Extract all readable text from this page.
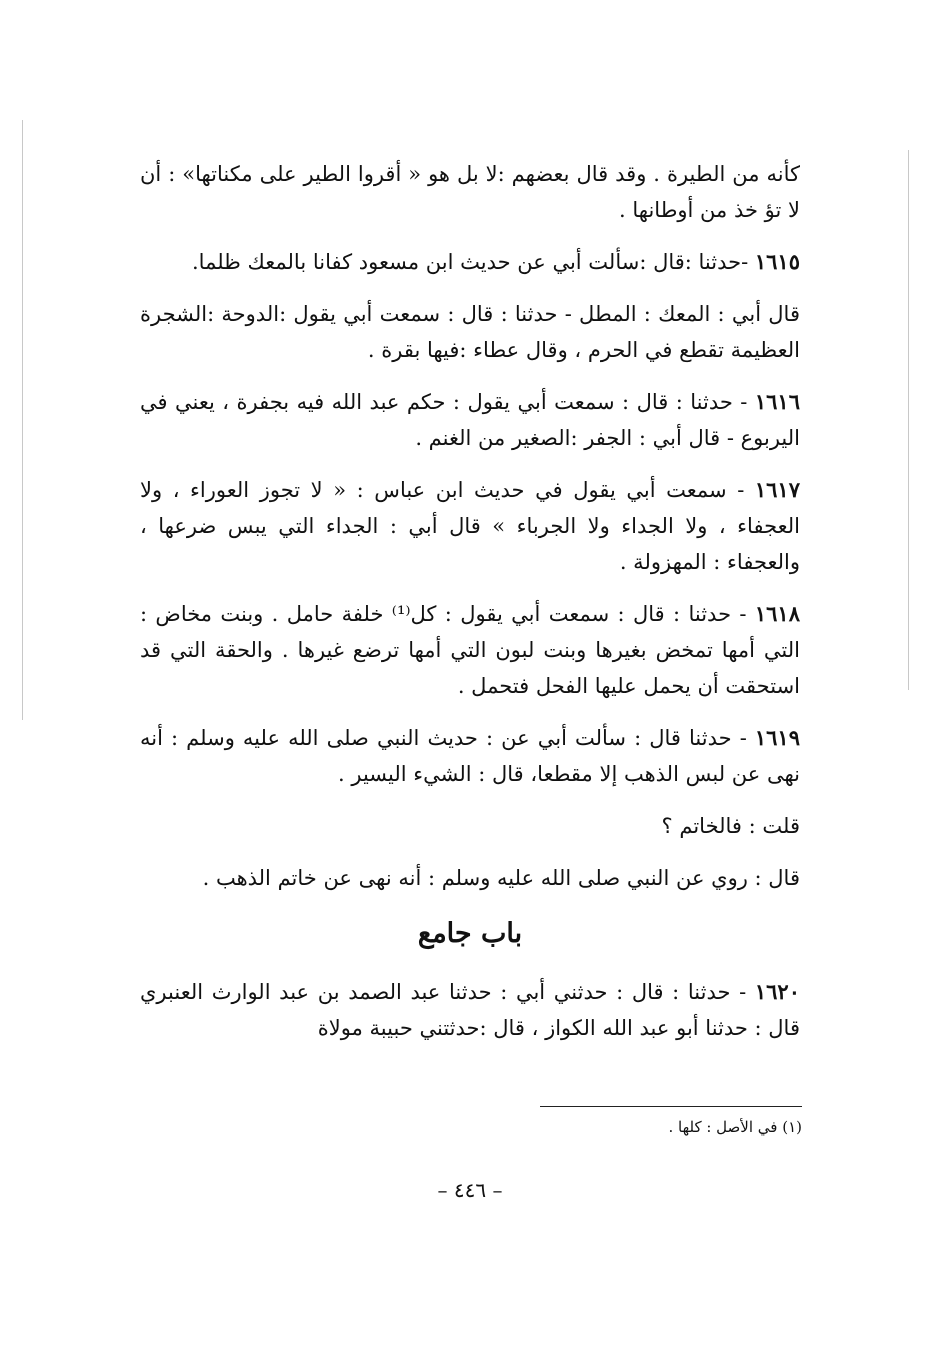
كأنه من الطيرة . وقد قال بعضهم :لا بل هو « أقروا الطير على مكناتها» : أن لا تؤ خذ من أوطانها .

١٦١٥ -حدثنا :قال :سألت أبي عن حديث ابن مسعود كفانا بالمعك ظلما.

قال أبي : المعك : المطل - حدثنا : قال : سمعت أبي يقول :الدوحة :الشجرة العظيمة تقطع في الحرم ، وقال عطاء :فيها بقرة .

١٦١٦ - حدثنا : قال : سمعت أبي يقول : حكم عبد الله فيه بجفرة ، يعني في اليربوع - قال أبي : الجفر :الصغير من الغنم .

١٦١٧ - سمعت أبي يقول في حديث ابن عباس : « لا تجوز العوراء ، ولا العجفاء ، ولا الجداء ولا الجرباء » قال أبي : الجداء التي يبس ضرعها ، والعجفاء : المهزولة .

١٦١٨ - حدثنا : قال : سمعت أبي يقول : كل⁽¹⁾ خلفة حامل . وبنت مخاض : التي أمها تمخض بغيرها وبنت لبون التي أمها ترضع غيرها . والحقة التي قد استحقت أن يحمل عليها الفحل فتحمل .

١٦١٩ - حدثنا قال : سألت أبي عن : حديث النبي صلى الله عليه وسلم : أنه نهى عن لبس الذهب إلا مقطعا، قال : الشيء اليسير .

قلت : فالخاتم ؟

قال : روي عن النبي صلى الله عليه وسلم : أنه نهى عن خاتم الذهب .

باب جامع

١٦٢٠ - حدثنا : قال : حدثني أبي : حدثنا عبد الصمد بن عبد الوارث العنبري قال : حدثنا أبو عبد الله الكواز ، قال :حدثتني حبيبة مولاة

(١) في الأصل : كلها .
– ٤٤٦ –
